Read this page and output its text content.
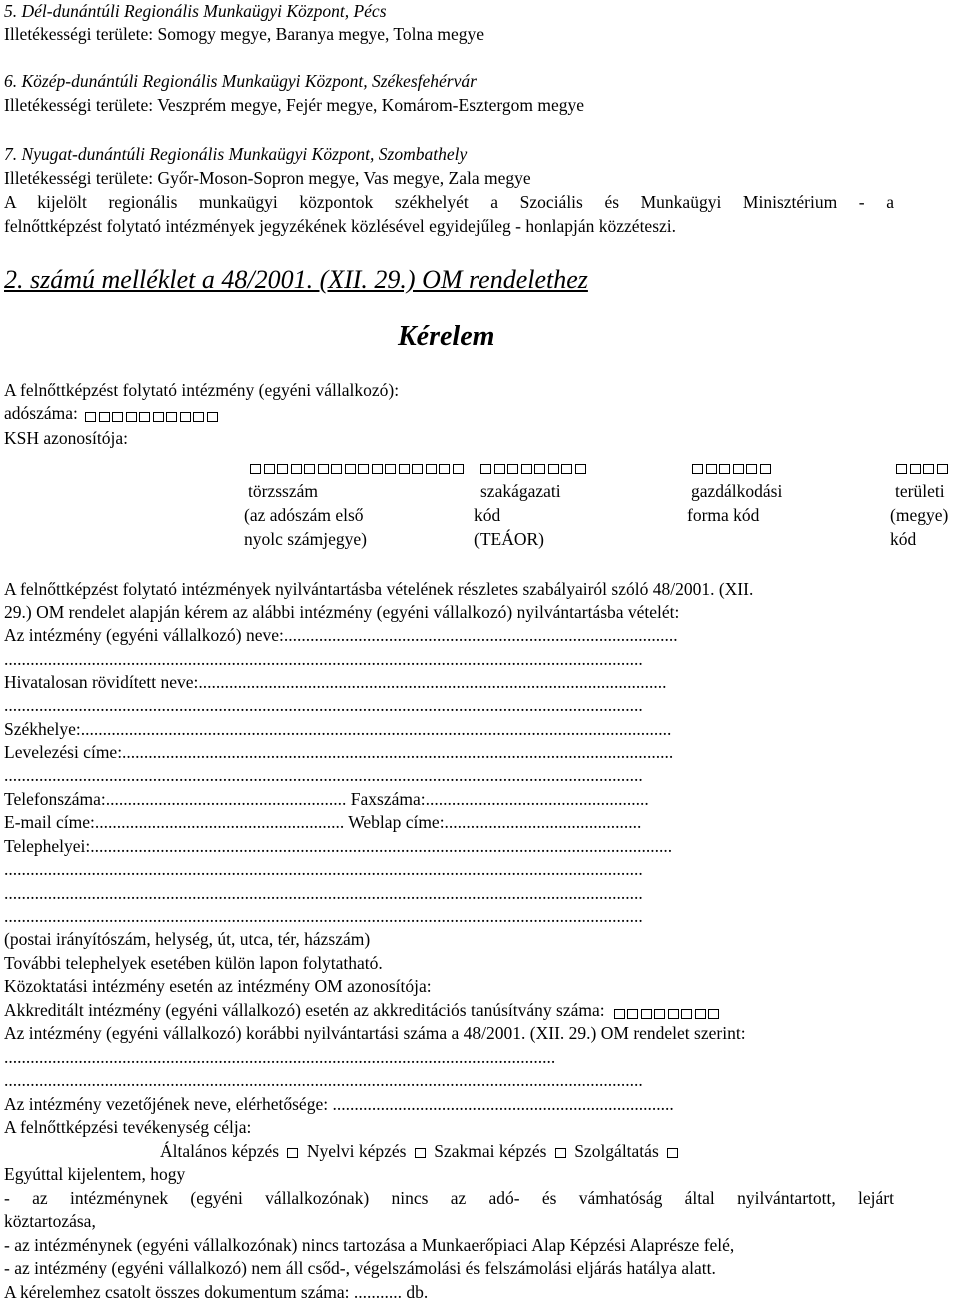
5. Dél-dunántúli Regionális Munkaügyi Központ, Pécs
Illetékességi területe: Somogy megye, Baranya megye, Tolna megye
6. Közép-dunántúli Regionális Munkaügyi Központ, Székesfehérvár
Illetékességi területe: Veszprém megye, Fejér megye, Komárom-Esztergom megye
7. Nyugat-dunántúli Regionális Munkaügyi Központ, Szombathely
Illetékességi területe: Győr-Moson-Sopron megye, Vas megye, Zala megye
A kijelölt regionális munkaügyi központok székhelyét a Szociális és Munkaügyi Minisztérium - a
felnőttképzést folytató intézmények jegyzékének közlésével egyidejűleg - honlapján közzéteszi.
2. számú melléklet a 48/2001. (XII. 29.) OM rendelethez
Kérelem
A felnőttképzést folytató intézmény (egyéni vállalkozó):
adószáma:
KSH azonosítója:
törzsszám
(az adószám első
nyolc számjegye)
szakágazati
kód
(TEÁOR)
gazdálkodási
forma kód
területi
(megye)
kód
A felnőttképzést folytató intézmények nyilvántartásba vételének részletes szabályairól szóló 48/2001. (XII.
29.) OM rendelet alapján kérem az alábbi intézmény (egyéni vállalkozó) nyilvántartásba vételét:
Az intézmény (egyéni vállalkozó) neve:..........................................................................................
..................................................................................................................................................
Hivatalosan rövidített neve:...........................................................................................................
..................................................................................................................................................
Székhelye:.......................................................................................................................................
Levelezési címe:..............................................................................................................................
..................................................................................................................................................
Telefonszáma:....................................................... Faxszáma:...................................................
E-mail címe:......................................................... Weblap címe:.............................................
Telephelyei:.....................................................................................................................................
..................................................................................................................................................
..................................................................................................................................................
..................................................................................................................................................
(postai irányítószám, helység, út, utca, tér, házszám)
További telephelyek esetében külön lapon folytatható.
Közoktatási intézmény esetén az intézmény OM azonosítója:
Akkreditált intézmény (egyéni vállalkozó) esetén az akkreditációs tanúsítvány száma:
Az intézmény (egyéni vállalkozó) korábbi nyilvántartási száma a 48/2001. (XII. 29.) OM rendelet szerint:
..............................................................................................................................
..................................................................................................................................................
Az intézmény vezetőjének neve, elérhetősége: ..............................................................................
A felnőttképzési tevékenység célja:
Általános képzés Nyelvi képzés Szakmai képzés Szolgáltatás
Egyúttal kijelentem, hogy
- az intézménynek (egyéni vállalkozónak) nincs az adó- és vámhatóság által nyilvántartott, lejárt
köztartozása,
- az intézménynek (egyéni vállalkozónak) nincs tartozása a Munkaerőpiaci Alap Képzési Alaprésze felé,
- az intézmény (egyéni vállalkozó) nem áll csőd-, végelszámolási és felszámolási eljárás hatálya alatt.
A kérelemhez csatolt összes dokumentum száma: ........... db.
